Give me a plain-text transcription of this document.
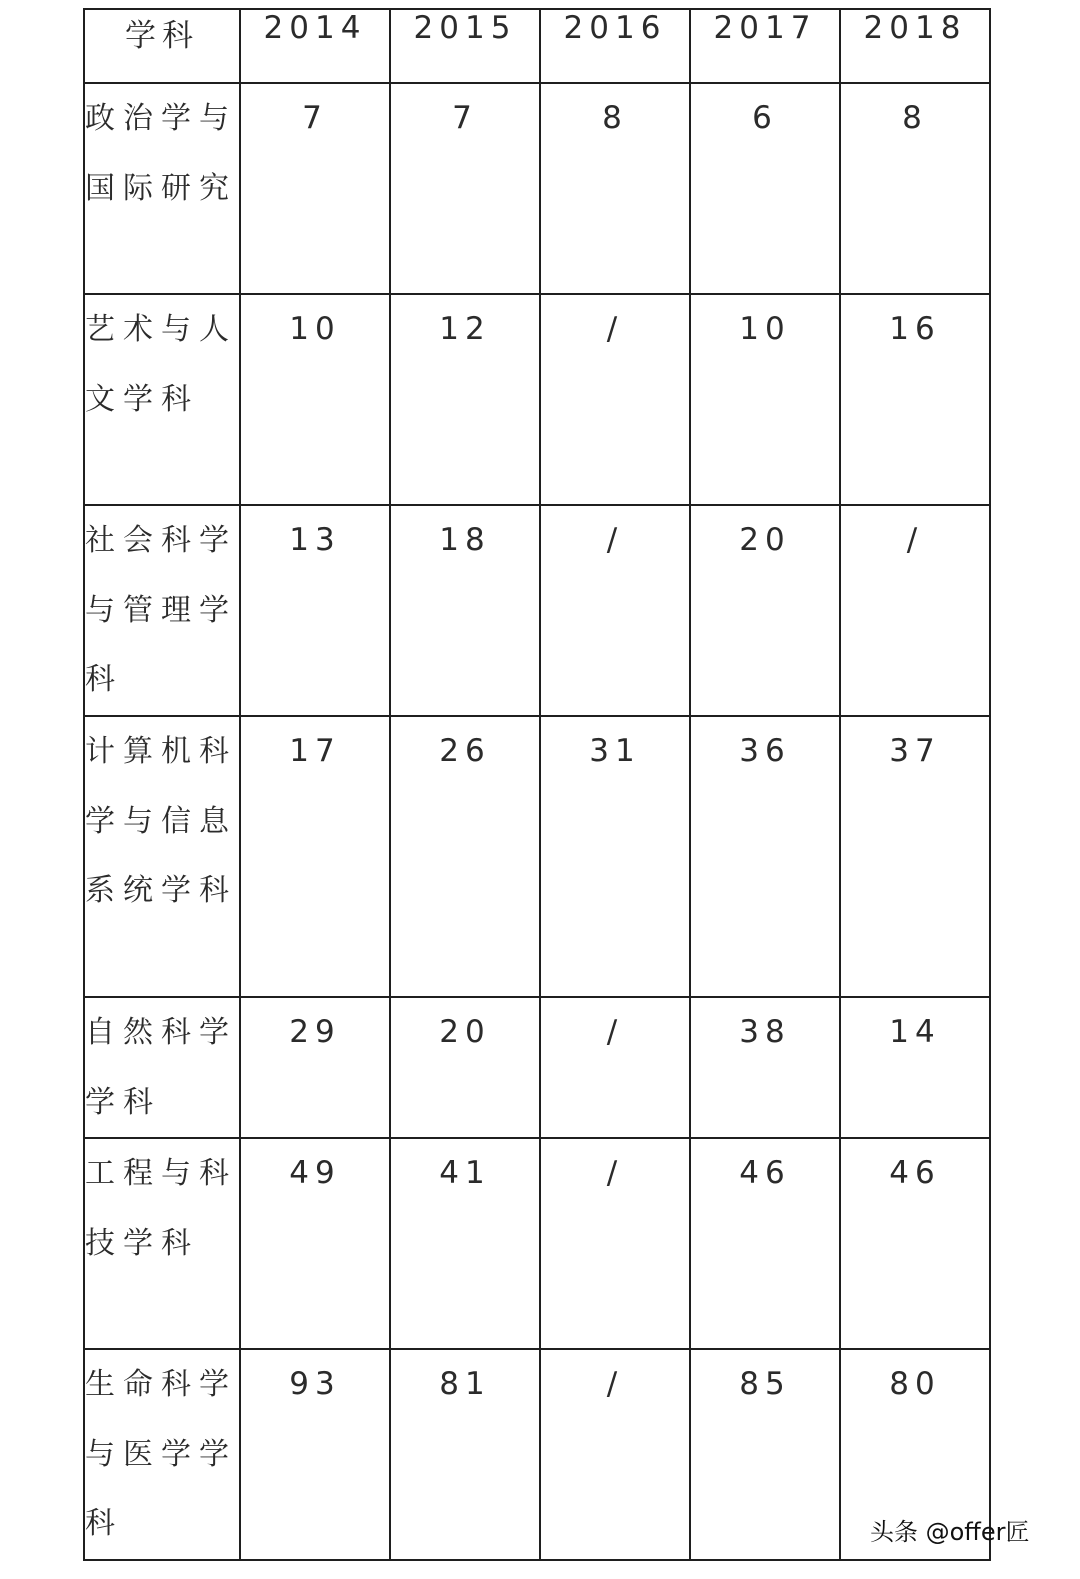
学科	2014	2015	2016	2017	2018
政治学与国际研究	7	7	8	6	8
艺术与人文学科	10	12	/	10	16
社会科学与管理学科	13	18	/	20	/
计算机科学与信息系统学科	17	26	31	36	37
自然科学学科	29	20	/	38	14
工程与科技学科	49	41	/	46	46
生命科学与医学学科	93	81	/	85	80
头条 @offer匠
